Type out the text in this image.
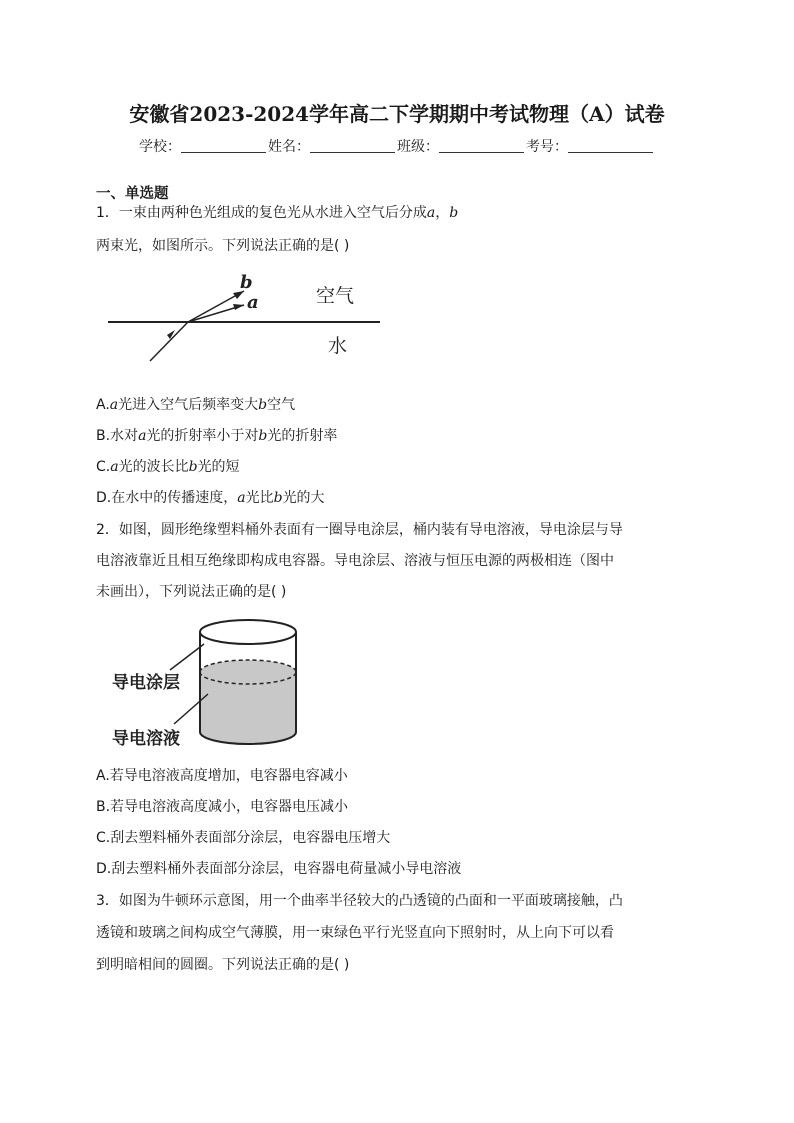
安徽省2023-2024学年高二下学期期中考试物理（A）试卷
学校：	姓名：	班级：	考号：
一、单选题
1．一束由两种色光组成的复色光从水进入空气后分成a，b
两束光，如图所示。下列说法正确的是( )
b
a	空气
水
A.a光进入空气后频率变大b空气
B.水对a光的折射率小于对b光的折射率
C.a光的波长比b光的短
D.在水中的传播速度，a光比b光的大
2．如图，圆形绝缘塑料桶外表面有一圈导电涂层，桶内装有导电溶液，导电涂层与导
电溶液靠近且相互绝缘即构成电容器。导电涂层、溶液与恒压电源的两极相连（图中
未画出），下列说法正确的是( )
导电涂层
导电溶液
A.若导电溶液高度增加，电容器电容减小
B.若导电溶液高度减小，电容器电压减小
C.刮去塑料桶外表面部分涂层，电容器电压增大
D.刮去塑料桶外表面部分涂层，电容器电荷量减小导电溶液
3．如图为牛顿环示意图，用一个曲率半径较大的凸透镜的凸面和一平面玻璃接触，凸
透镜和玻璃之间构成空气薄膜，用一束绿色平行光竖直向下照射时，从上向下可以看
到明暗相间的圆圈。下列说法正确的是( )
